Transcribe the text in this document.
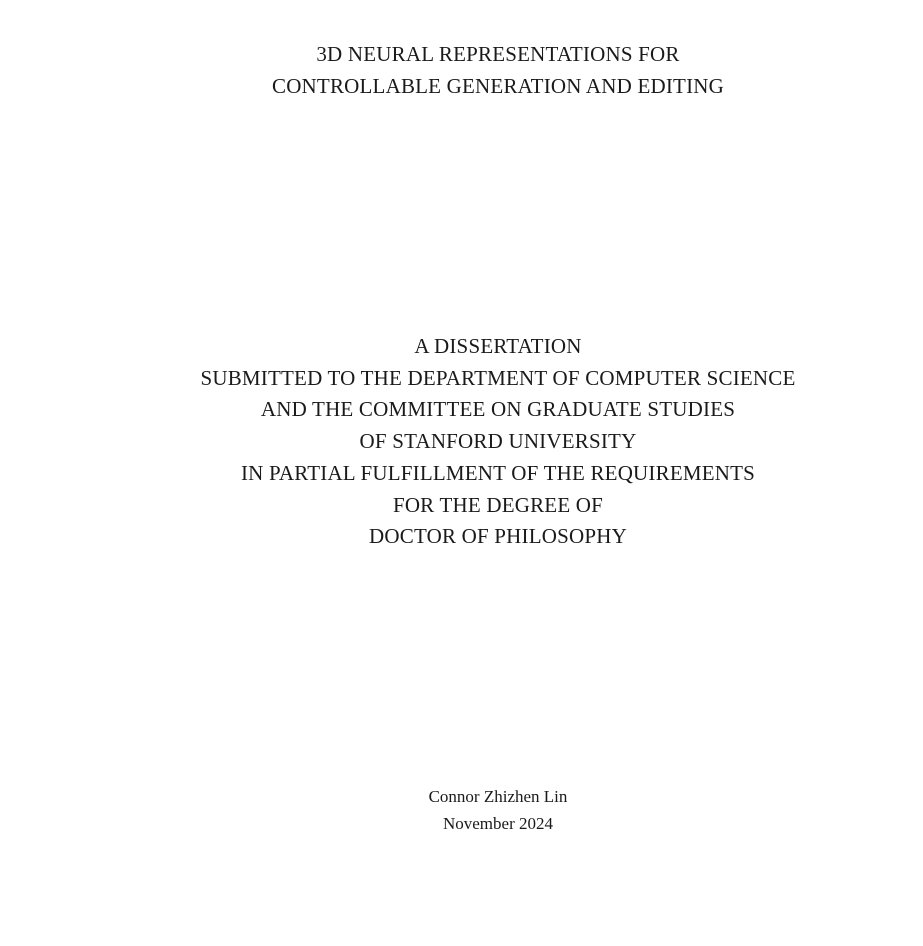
3D NEURAL REPRESENTATIONS FOR
CONTROLLABLE GENERATION AND EDITING
A DISSERTATION
SUBMITTED TO THE DEPARTMENT OF COMPUTER SCIENCE
AND THE COMMITTEE ON GRADUATE STUDIES
OF STANFORD UNIVERSITY
IN PARTIAL FULFILLMENT OF THE REQUIREMENTS
FOR THE DEGREE OF
DOCTOR OF PHILOSOPHY
Connor Zhizhen Lin
November 2024
